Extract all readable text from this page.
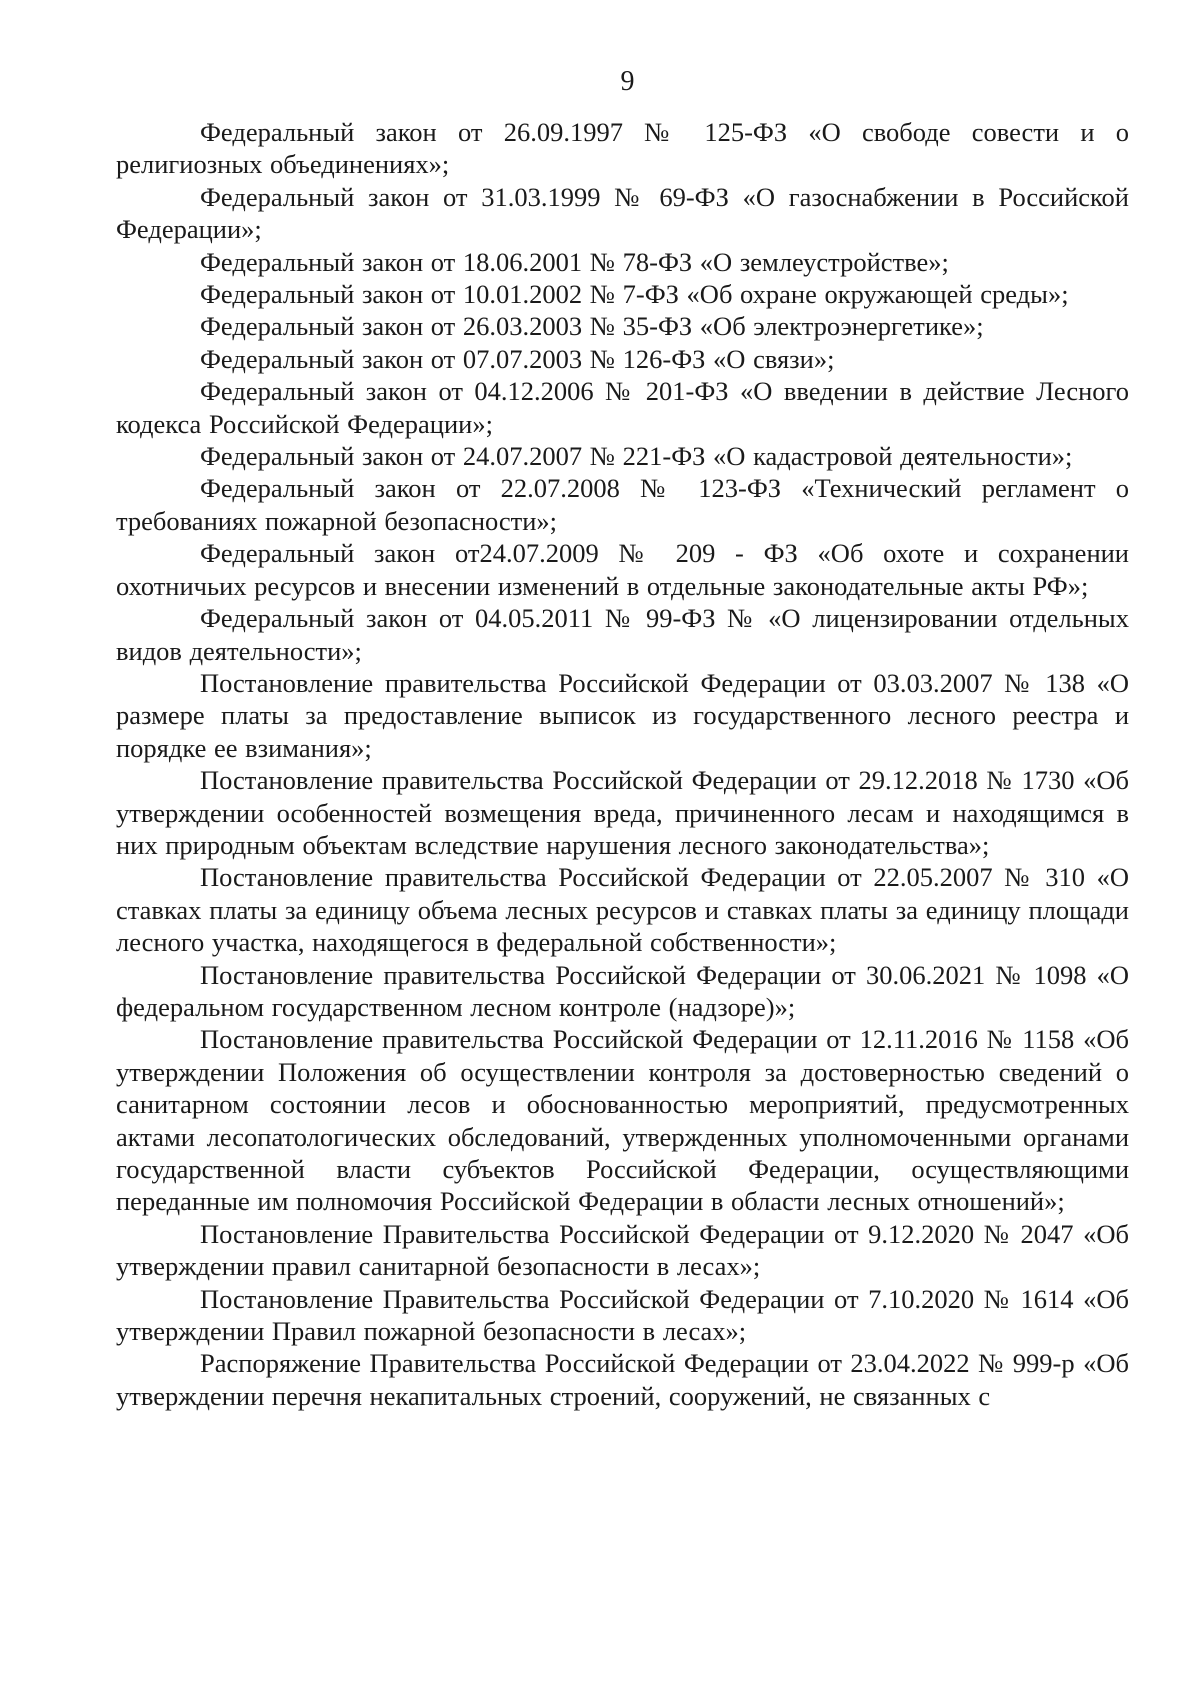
9

Федеральный закон от 26.09.1997 № 125-ФЗ «О свободе совести и о религиозных объединениях»;

Федеральный закон от 31.03.1999 № 69-ФЗ «О газоснабжении в Российской Федерации»;

Федеральный закон от 18.06.2001 № 78-ФЗ «О землеустройстве»;

Федеральный закон от 10.01.2002 № 7-ФЗ «Об охране окружающей среды»;

Федеральный закон от 26.03.2003 № 35-ФЗ «Об электроэнергетике»;

Федеральный закон от 07.07.2003 № 126-ФЗ «О связи»;

Федеральный закон от 04.12.2006 № 201-ФЗ «О введении в действие Лесного кодекса Российской Федерации»;

Федеральный закон от 24.07.2007 № 221-ФЗ «О кадастровой деятельности»;

Федеральный закон от 22.07.2008 № 123-ФЗ «Технический регламент о требованиях пожарной безопасности»;

Федеральный закон от24.07.2009 № 209 - ФЗ «Об охоте и сохранении охотничьих ресурсов и внесении изменений в отдельные законодательные акты РФ»;

Федеральный закон от 04.05.2011 № 99-ФЗ № «О лицензировании отдельных видов деятельности»;

Постановление правительства Российской Федерации от 03.03.2007 № 138 «О размере платы за предоставление выписок из государственного лесного реестра и порядке ее взимания»;

Постановление правительства Российской Федерации от 29.12.2018 № 1730 «Об утверждении особенностей возмещения вреда, причиненного лесам и находящимся в них природным объектам вследствие нарушения лесного законодательства»;

Постановление правительства Российской Федерации от 22.05.2007 № 310 «О ставках платы за единицу объема лесных ресурсов и ставках платы за единицу площади лесного участка, находящегося в федеральной собственности»;

Постановление правительства Российской Федерации от 30.06.2021 № 1098 «О федеральном государственном лесном контроле (надзоре)»;

Постановление правительства Российской Федерации от 12.11.2016 № 1158 «Об утверждении Положения об осуществлении контроля за достоверностью сведений о санитарном состоянии лесов и обоснованностью мероприятий, предусмотренных актами лесопатологических обследований, утвержденных уполномоченными органами государственной власти субъектов Российской Федерации, осуществляющими переданные им полномочия Российской Федерации в области лесных отношений»;

Постановление Правительства Российской Федерации от 9.12.2020 № 2047 «Об утверждении правил санитарной безопасности в лесах»;

Постановление Правительства Российской Федерации от 7.10.2020 № 1614 «Об утверждении Правил пожарной безопасности в лесах»;

Распоряжение Правительства Российской Федерации от 23.04.2022 № 999-р «Об утверждении перечня некапитальных строений, сооружений, не связанных с
